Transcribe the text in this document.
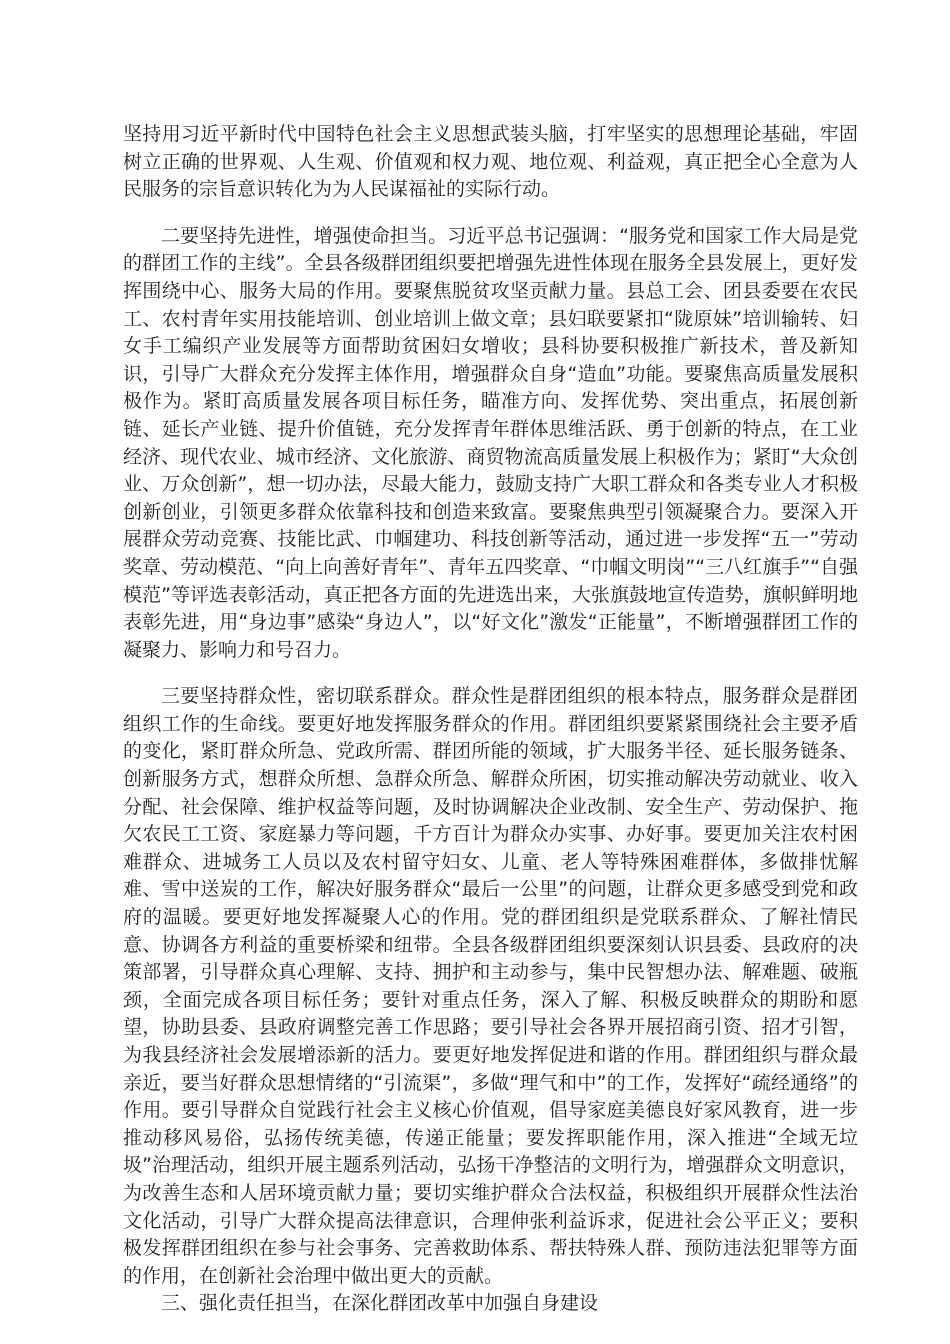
坚持用习近平新时代中国特色社会主义思想武装头脑，打牢坚实的思想理论基础，牢固树立正确的世界观、人生观、价值观和权力观、地位观、利益观，真正把全心全意为人民服务的宗旨意识转化为为人民谋福祉的实际行动。

二要坚持先进性，增强使命担当。习近平总书记强调：“服务党和国家工作大局是党的群团工作的主线”。全县各级群团组织要把增强先进性体现在服务全县发展上，更好发挥围绕中心、服务大局的作用。要聚焦脱贫攻坚贡献力量。县总工会、团县委要在农民工、农村青年实用技能培训、创业培训上做文章；县妇联要紧扣“陇原妹”培训输转、妇女手工编织产业发展等方面帮助贫困妇女增收；县科协要积极推广新技术，普及新知识，引导广大群众充分发挥主体作用，增强群众自身“造血”功能。要聚焦高质量发展积极作为。紧盯高质量发展各项目标任务，瞄准方向、发挥优势、突出重点，拓展创新链、延长产业链、提升价值链，充分发挥青年群体思维活跃、勇于创新的特点，在工业经济、现代农业、城市经济、文化旅游、商贸物流高质量发展上积极作为；紧盯“大众创业、万众创新”，想一切办法，尽最大能力，鼓励支持广大职工群众和各类专业人才积极创新创业，引领更多群众依靠科技和创造来致富。要聚焦典型引领凝聚合力。要深入开展群众劳动竞赛、技能比武、巾帼建功、科技创新等活动，通过进一步发挥“五一”劳动奖章、劳动模范、“向上向善好青年”、青年五四奖章、“巾帼文明岗”“三八红旗手”“自强模范”等评选表彰活动，真正把各方面的先进选出来，大张旗鼓地宣传造势，旗帜鲜明地表彰先进，用“身边事”感染“身边人”，以“好文化”激发“正能量”，不断增强群团工作的凝聚力、影响力和号召力。

三要坚持群众性，密切联系群众。群众性是群团组织的根本特点，服务群众是群团组织工作的生命线。要更好地发挥服务群众的作用。群团组织要紧紧围绕社会主要矛盾的变化，紧盯群众所急、党政所需、群团所能的领域，扩大服务半径、延长服务链条、创新服务方式，想群众所想、急群众所急、解群众所困，切实推动解决劳动就业、收入分配、社会保障、维护权益等问题，及时协调解决企业改制、安全生产、劳动保护、拖欠农民工工资、家庭暴力等问题，千方百计为群众办实事、办好事。要更加关注农村困难群众、进城务工人员以及农村留守妇女、儿童、老人等特殊困难群体，多做排忧解难、雪中送炭的工作，解决好服务群众“最后一公里”的问题，让群众更多感受到党和政府的温暖。要更好地发挥凝聚人心的作用。党的群团组织是党联系群众、了解社情民意、协调各方利益的重要桥梁和纽带。全县各级群团组织要深刻认识县委、县政府的决策部署，引导群众真心理解、支持、拥护和主动参与，集中民智想办法、解难题、破瓶颈，全面完成各项目标任务；要针对重点任务，深入了解、积极反映群众的期盼和愿望，协助县委、县政府调整完善工作思路；要引导社会各界开展招商引资、招才引智，为我县经济社会发展增添新的活力。要更好地发挥促进和谐的作用。群团组织与群众最亲近，要当好群众思想情绪的“引流渠”，多做“理气和中”的工作，发挥好“疏经通络”的作用。要引导群众自觉践行社会主义核心价值观，倡导家庭美德良好家风教育，进一步推动移风易俗，弘扬传统美德，传递正能量；要发挥职能作用，深入推进“全域无垃圾”治理活动，组织开展主题系列活动，弘扬干净整洁的文明行为，增强群众文明意识，为改善生态和人居环境贡献力量；要切实维护群众合法权益，积极组织开展群众性法治文化活动，引导广大群众提高法律意识，合理伸张利益诉求，促进社会公平正义；要积极发挥群团组织在参与社会事务、完善救助体系、帮扶特殊人群、预防违法犯罪等方面的作用，在创新社会治理中做出更大的贡献。

三、强化责任担当，在深化群团改革中加强自身建设
